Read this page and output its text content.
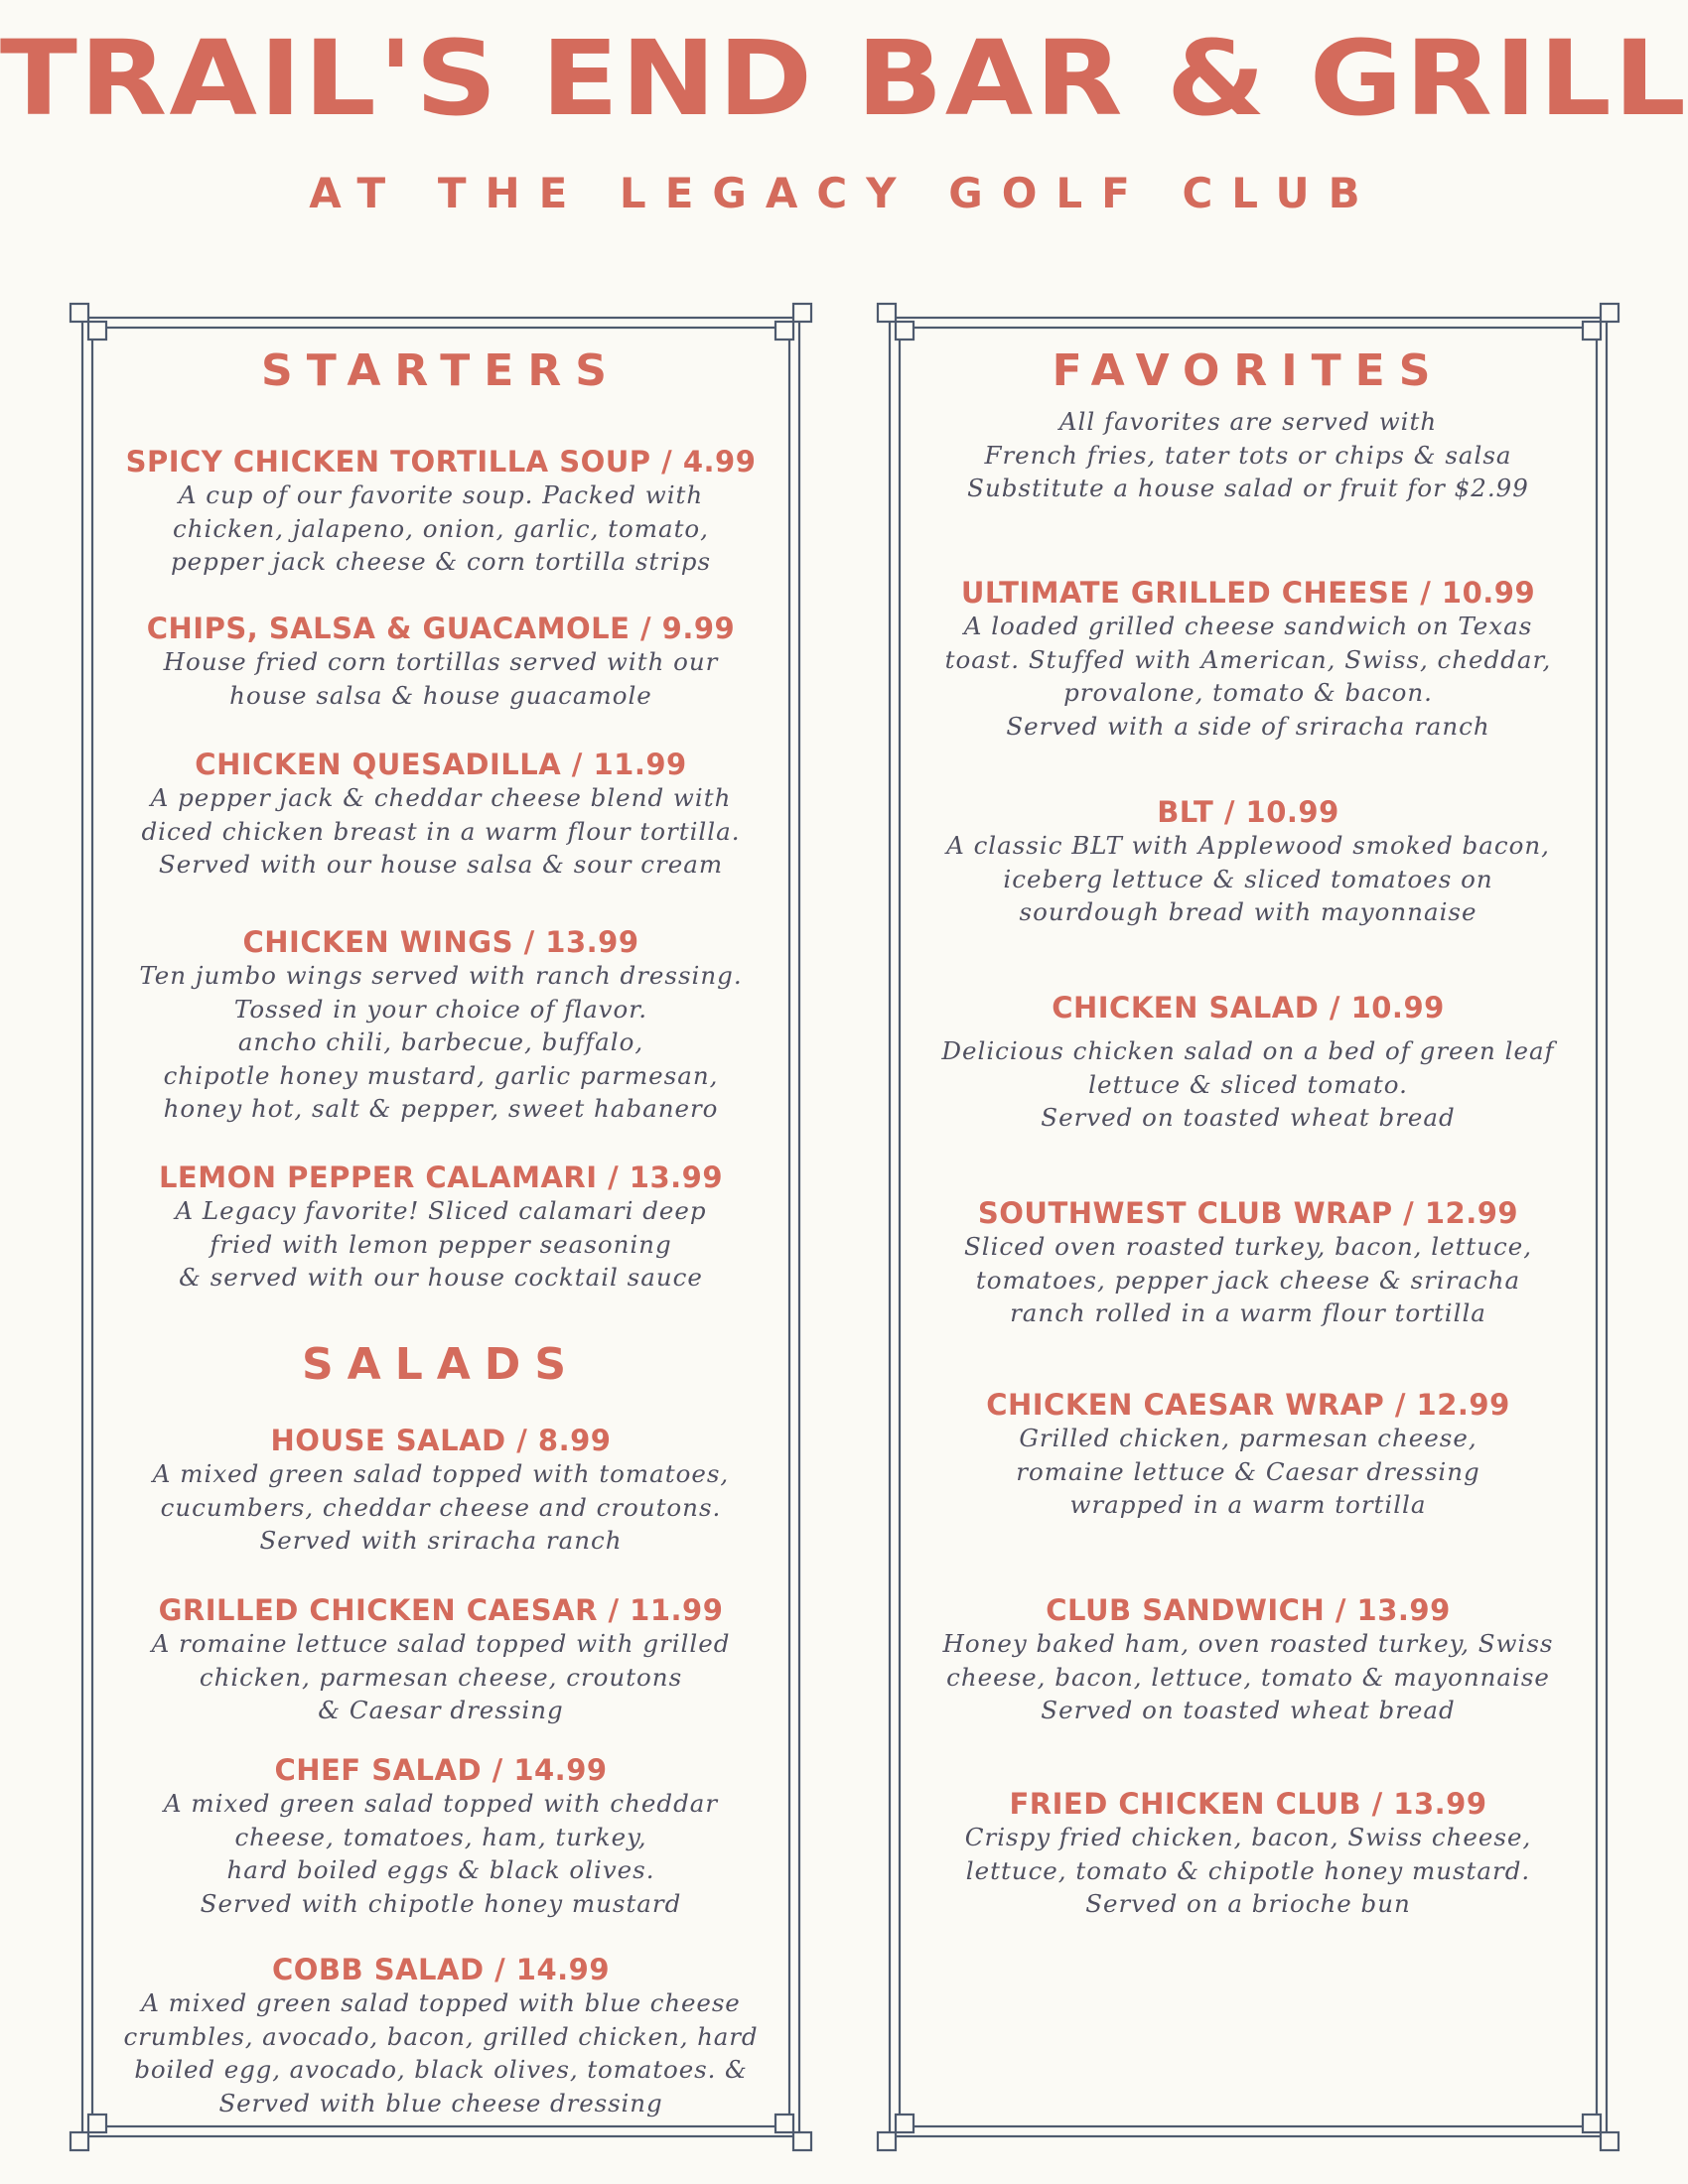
TRAIL'S END BAR & GRILL
AT THE LEGACY GOLF CLUB
STARTERS
SPICY CHICKEN TORTILLA SOUP / 4.99
A cup of our favorite soup. Packed with
chicken, jalapeno, onion, garlic, tomato,
pepper jack cheese & corn tortilla strips
CHIPS, SALSA & GUACAMOLE / 9.99
House fried corn tortillas served with our
house salsa & house guacamole
CHICKEN QUESADILLA / 11.99
A pepper jack & cheddar cheese blend with
diced chicken breast in a warm flour tortilla.
Served with our house salsa & sour cream
CHICKEN WINGS / 13.99
Ten jumbo wings served with ranch dressing.
Tossed in your choice of flavor.
ancho chili, barbecue, buffalo,
chipotle honey mustard, garlic parmesan,
honey hot, salt & pepper, sweet habanero
LEMON PEPPER CALAMARI / 13.99
A Legacy favorite! Sliced calamari deep
fried with lemon pepper seasoning
& served with our house cocktail sauce
SALADS
HOUSE SALAD / 8.99
A mixed green salad topped with tomatoes,
cucumbers, cheddar cheese and croutons.
Served with sriracha ranch
GRILLED CHICKEN CAESAR / 11.99
A romaine lettuce salad topped with grilled
chicken, parmesan cheese, croutons
& Caesar dressing
CHEF SALAD / 14.99
A mixed green salad topped with cheddar
cheese, tomatoes, ham, turkey,
hard boiled eggs & black olives.
Served with chipotle honey mustard
COBB SALAD / 14.99
A mixed green salad topped with blue cheese
crumbles, avocado, bacon, grilled chicken, hard
boiled egg, avocado, black olives, tomatoes. &
Served with blue cheese dressing
FAVORITES
All favorites are served with
French fries, tater tots or chips & salsa
Substitute a house salad or fruit for $2.99
ULTIMATE GRILLED CHEESE / 10.99
A loaded grilled cheese sandwich on Texas
toast. Stuffed with American, Swiss, cheddar,
provalone, tomato & bacon.
Served with a side of sriracha ranch
BLT / 10.99
A classic BLT with Applewood smoked bacon,
iceberg lettuce & sliced tomatoes on
sourdough bread with mayonnaise
CHICKEN SALAD / 10.99
Delicious chicken salad on a bed of green leaf
lettuce & sliced tomato.
Served on toasted wheat bread
SOUTHWEST CLUB WRAP / 12.99
Sliced oven roasted turkey, bacon, lettuce,
tomatoes, pepper jack cheese & sriracha
ranch rolled in a warm flour tortilla
CHICKEN CAESAR WRAP / 12.99
Grilled chicken, parmesan cheese,
romaine lettuce & Caesar dressing
wrapped in a warm tortilla
CLUB SANDWICH / 13.99
Honey baked ham, oven roasted turkey, Swiss
cheese, bacon, lettuce, tomato & mayonnaise
Served on toasted wheat bread
FRIED CHICKEN CLUB / 13.99
Crispy fried chicken, bacon, Swiss cheese,
lettuce, tomato & chipotle honey mustard.
Served on a brioche bun
